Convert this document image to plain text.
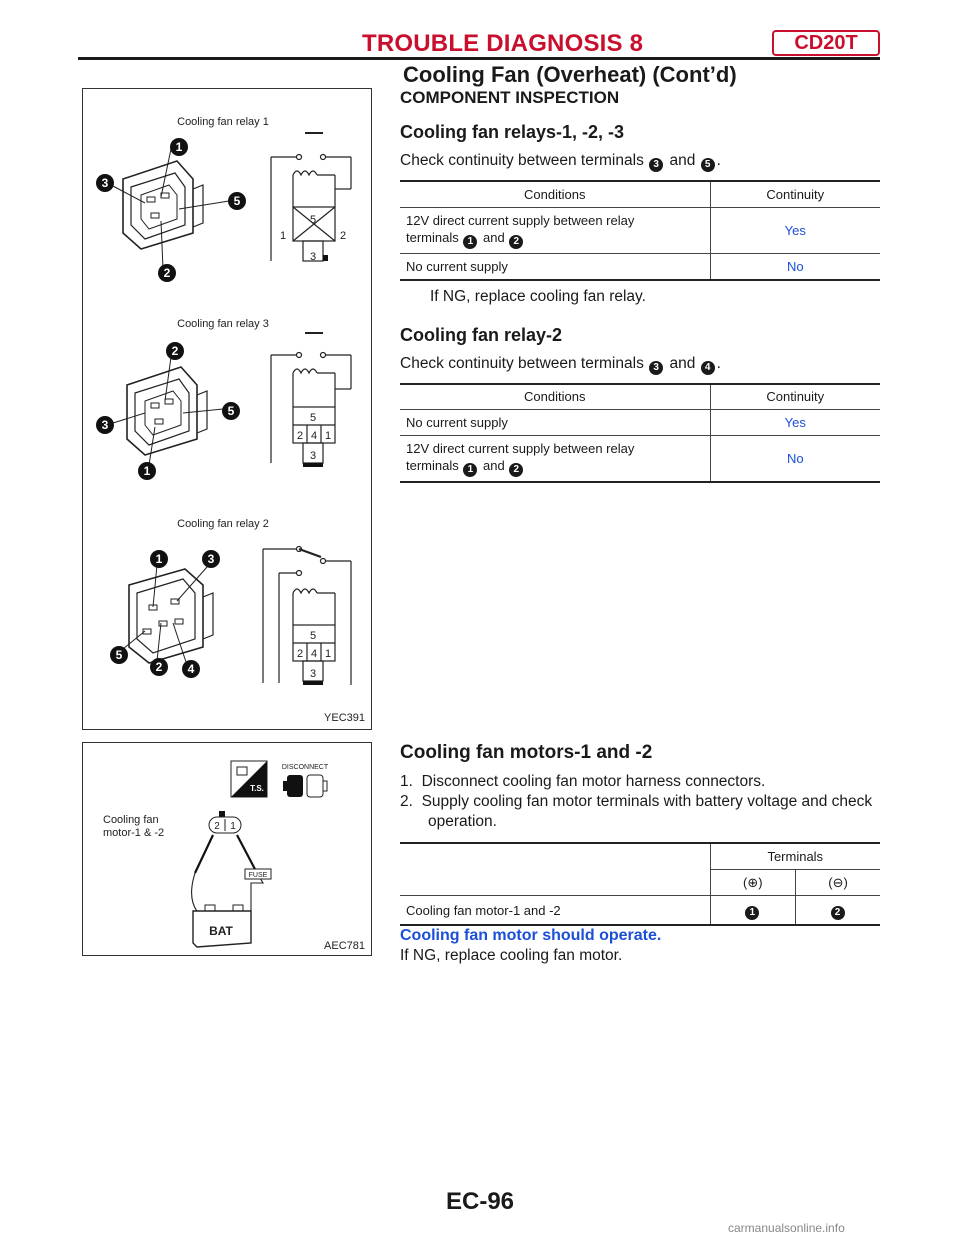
TROUBLE DIAGNOSIS 8	CD20T
Cooling Fan (Overheat) (Cont’d)
Cooling fan relay 1
1
3
5
2
5
1	2
3
Cooling fan relay 3
2
3
5
1
5
2 4 1
3
Cooling fan relay 2
1	3
5
2 4
5
2 4 1
3
YEC391
Cooling fan
motor-1 & -2
T.S.
DISCONNECT
2 1
FUSE
BAT
AEC781
COMPONENT INSPECTION
Cooling fan relays-1, -2, -3

Check continuity between terminals 3 and 5 .

Conditions	Continuity
12V direct current supply between relay
terminals 1 and 2	Yes
No current supply	No

If NG, replace cooling fan relay.

Cooling fan relay-2

Check continuity between terminals 3 and 4 .

Conditions	Continuity
No current supply	Yes
12V direct current supply between relay
terminals 1 and 2	No
Cooling fan motors-1 and -2
1. Disconnect cooling fan motor harness connectors.
2. Supply cooling fan motor terminals with battery voltage and check operation.
	Terminals	
	(⊕)	(⊖)
Cooling fan motor-1 and -2	1	2
Cooling fan motor should operate.

If NG, replace cooling fan motor.

EC-96
carmanualsonline.info
